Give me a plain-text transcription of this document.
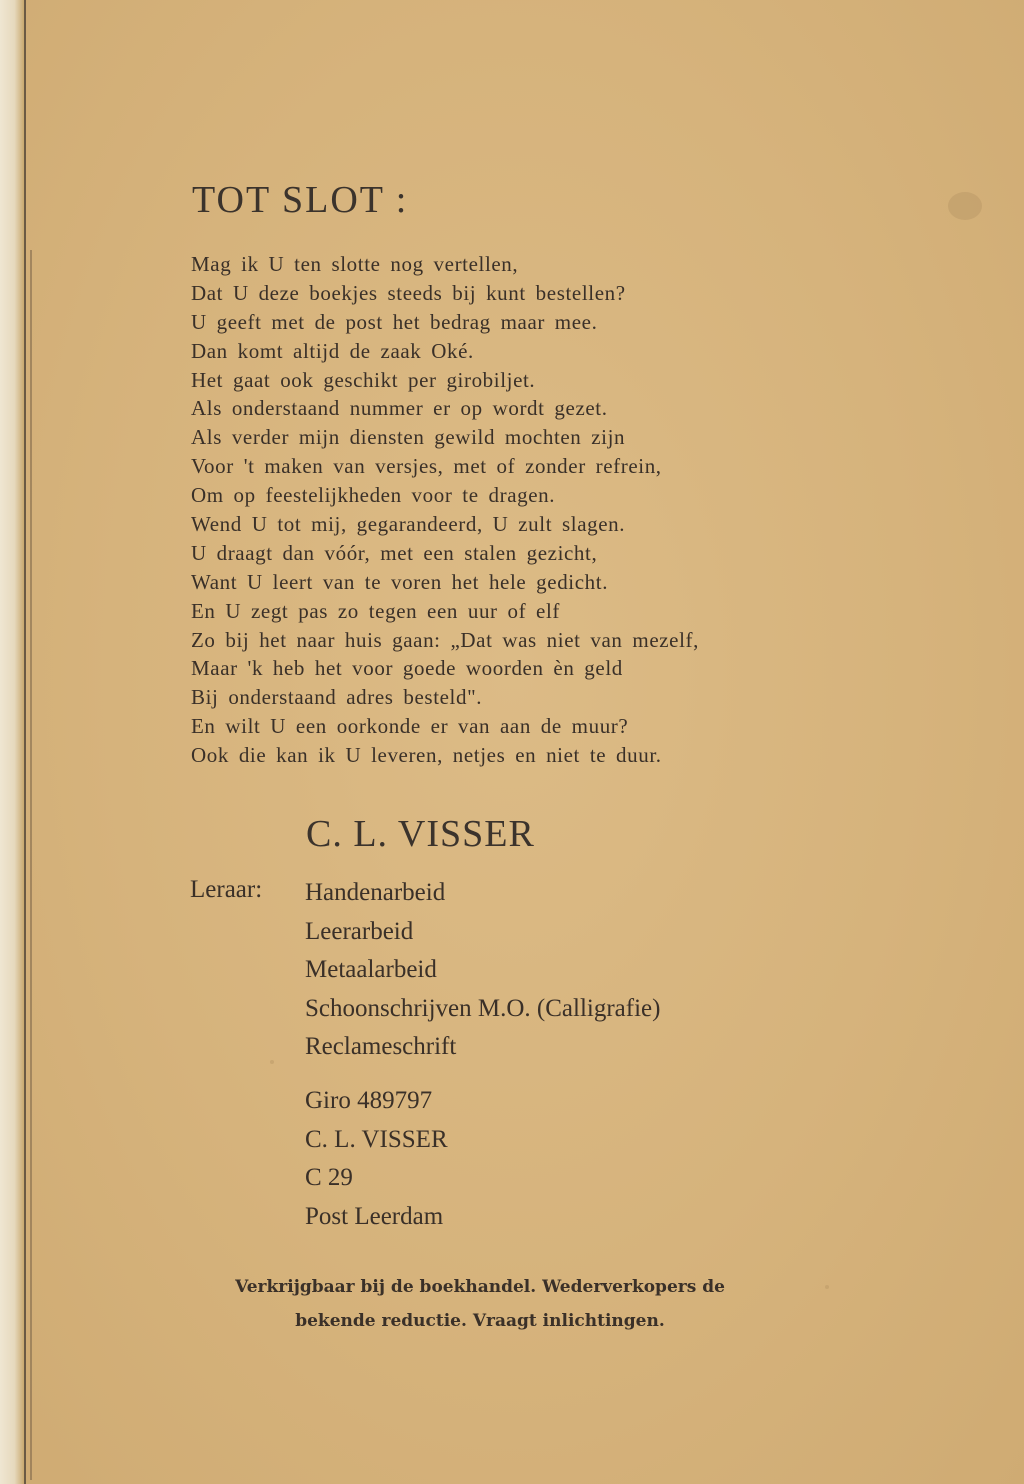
TOT SLOT :
Mag ik U ten slotte nog vertellen,
Dat U deze boekjes steeds bij kunt bestellen?
U geeft met de post het bedrag maar mee.
Dan komt altijd de zaak Oké.
Het gaat ook geschikt per girobiljet.
Als onderstaand nummer er op wordt gezet.
Als verder mijn diensten gewild mochten zijn
Voor 't maken van versjes, met of zonder refrein,
Om op feestelijkheden voor te dragen.
Wend U tot mij, gegarandeerd, U zult slagen.
U draagt dan vóór, met een stalen gezicht,
Want U leert van te voren het hele gedicht.
En U zegt pas zo tegen een uur of elf
Zo bij het naar huis gaan: „Dat was niet van mezelf,
Maar 'k heb het voor goede woorden èn geld
Bij onderstaand adres besteld".
En wilt U een oorkonde er van aan de muur?
Ook die kan ik U leveren, netjes en niet te duur.
C. L. VISSER
Leraar: Handenarbeid
Leerarbeid
Metaalarbeid
Schoonschrijven M.O. (Calligrafie)
Reclameschrift
Giro 489797
C. L. VISSER
C 29
Post Leerdam

Verkrijgbaar bij de boekhandel. Wederverkopers de
bekende reductie. Vraagt inlichtingen.
